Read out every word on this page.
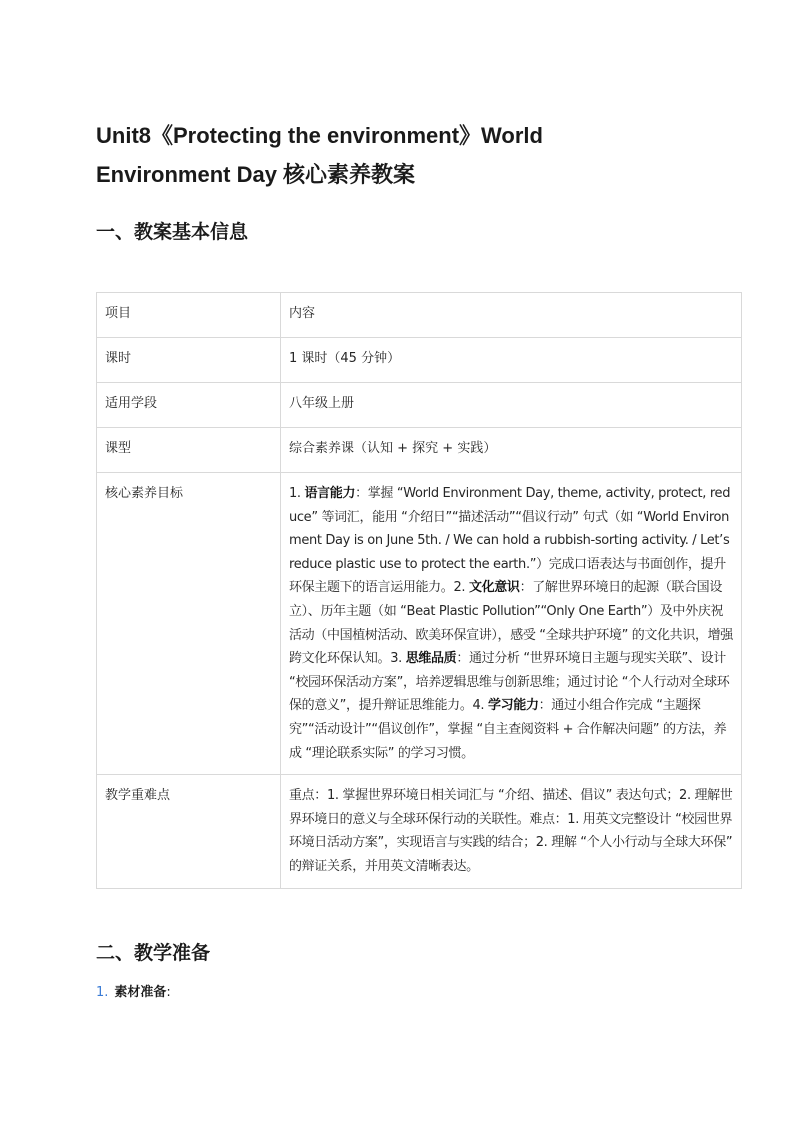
Unit8《Protecting the environment》World
Environment Day 核心素养教案
一、教案基本信息
项目	内容
课时	1 课时（45 分钟）
适用学段	八年级上册
课型	综合素养课（认知 + 探究 + 实践）
核心素养目标	1. 语言能力：掌握 “World Environment Day, theme, activity, protect, reduce” 等词汇，能用 “介绍日”“描述活动”“倡议行动” 句式（如 “World Environment Day is on June 5th. / We can hold a rubbish-sorting activity. / Let’s reduce plastic use to protect the earth.”）完成口语表达与书面创作，提升环保主题下的语言运用能力。2. 文化意识：了解世界环境日的起源（联合国设立）、历年主题（如 “Beat Plastic Pollution”“Only One Earth”）及中外庆祝活动（中国植树活动、欧美环保宣讲），感受 “全球共护环境” 的文化共识，增强跨文化环保认知。3. 思维品质：通过分析 “世界环境日主题与现实关联”、设计 “校园环保活动方案”，培养逻辑思维与创新思维；通过讨论 “个人行动对全球环保的意义”，提升辩证思维能力。4. 学习能力：通过小组合作完成 “主题探究”“活动设计”“倡议创作”，掌握 “自主查阅资料 + 合作解决问题” 的方法，养成 “理论联系实际” 的学习习惯。
教学重难点	重点：1. 掌握世界环境日相关词汇与 “介绍、描述、倡议” 表达句式；2. 理解世界环境日的意义与全球环保行动的关联性。难点：1. 用英文完整设计 “校园世界环境日活动方案”，实现语言与实践的结合；2. 理解 “个人小行动与全球大环保” 的辩证关系，并用英文清晰表达。
二、教学准备
1. 素材准备:
